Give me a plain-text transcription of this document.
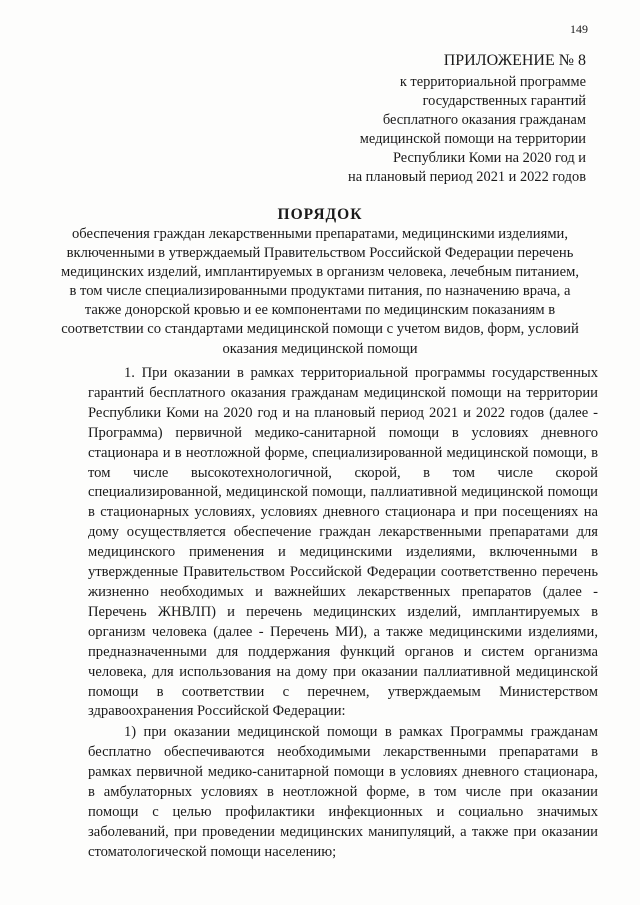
149
ПРИЛОЖЕНИЕ № 8
к территориальной программе
государственных гарантий
бесплатного оказания гражданам
медицинской помощи на территории
Республики Коми на 2020 год и
на плановый период 2021 и 2022 годов
ПОРЯДОК
обеспечения граждан лекарственными препаратами, медицинскими изделиями, включенными в утверждаемый Правительством Российской Федерации перечень медицинских изделий, имплантируемых в организм человека, лечебным питанием, в том числе специализированными продуктами питания, по назначению врача, а также донорской кровью и ее компонентами по медицинским показаниям в соответствии со стандартами медицинской помощи с учетом видов, форм, условий оказания медицинской помощи

1. При оказании в рамках территориальной программы государственных гарантий бесплатного оказания гражданам медицинской помощи на территории Республики Коми на 2020 год и на плановый период 2021 и 2022 годов (далее - Программа) первичной медико-санитарной помощи в условиях дневного стационара и в неотложной форме, специализированной медицинской помощи, в том числе высокотехнологичной, скорой, в том числе скорой специализированной, медицинской помощи, паллиативной медицинской помощи в стационарных условиях, условиях дневного стационара и при посещениях на дому осуществляется обеспечение граждан лекарственными препаратами для медицинского применения и медицинскими изделиями, включенными в утвержденные Правительством Российской Федерации соответственно перечень жизненно необходимых и важнейших лекарственных препаратов (далее - Перечень ЖНВЛП) и перечень медицинских изделий, имплантируемых в организм человека (далее - Перечень МИ), а также медицинскими изделиями, предназначенными для поддержания функций органов и систем организма человека, для использования на дому при оказании паллиативной медицинской помощи в соответствии с перечнем, утверждаемым Министерством здравоохранения Российской Федерации:

1) при оказании медицинской помощи в рамках Программы гражданам бесплатно обеспечиваются необходимыми лекарственными препаратами в рамках первичной медико-санитарной помощи в условиях дневного стационара, в амбулаторных условиях в неотложной форме, в том числе при оказании помощи с целью профилактики инфекционных и социально значимых заболеваний, при проведении медицинских манипуляций, а также при оказании стоматологической помощи населению;
